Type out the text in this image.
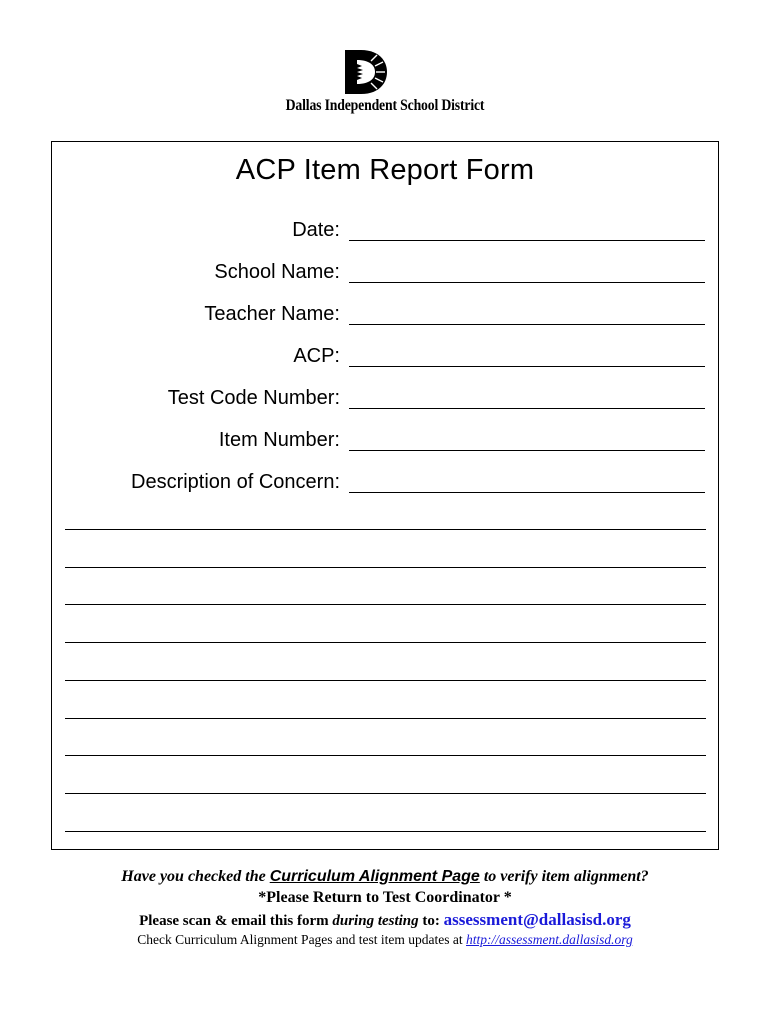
Dallas Independent School District
ACP Item Report Form
Date:
School Name:
Teacher Name:
ACP:
Test Code Number:
Item Number:
Description of Concern:
Have you checked the Curriculum Alignment Page to verify item alignment?
*Please Return to Test Coordinator *
Please scan & email this form during testing to: assessment@dallasisd.org
Check Curriculum Alignment Pages and test item updates at http://assessment.dallasisd.org
